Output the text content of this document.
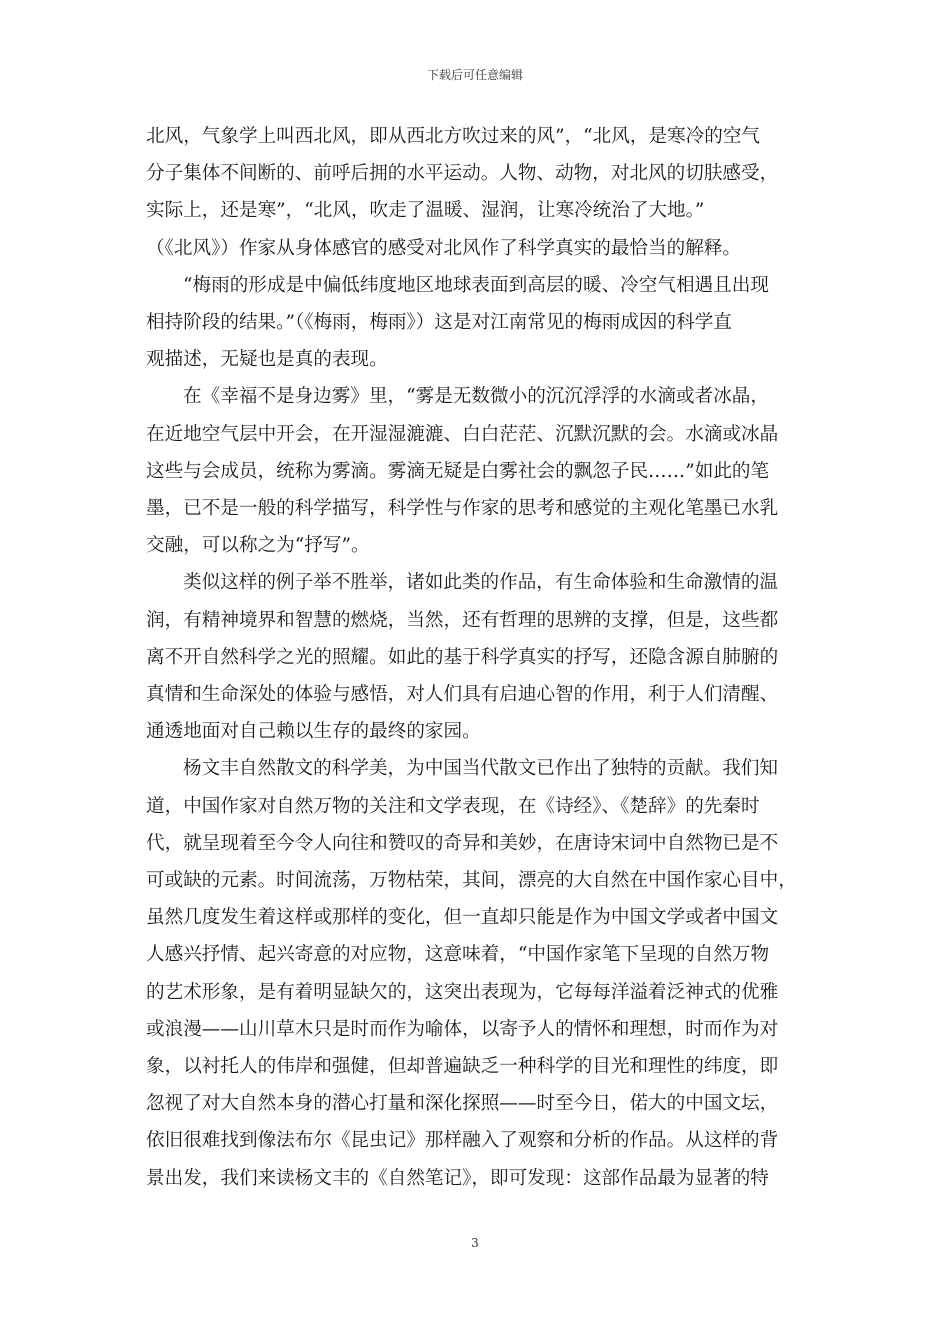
下载后可任意编辑
北风，气象学上叫西北风，即从西北方吹过来的风”，“北风，是寒冷的空气
分子集体不间断的、前呼后拥的水平运动。人物、动物，对北风的切肤感受，
实际上，还是寒”，“北风，吹走了温暖、湿润，让寒冷统治了大地。”
（《北风》）作家从身体感官的感受对北风作了科学真实的最恰当的解释。
“梅雨的形成是中偏低纬度地区地球表面到高层的暖、冷空气相遇且出现
相持阶段的结果。”（《梅雨，梅雨》）这是对江南常见的梅雨成因的科学直
观描述，无疑也是真的表现。
在《幸福不是身边雾》里，“雾是无数微小的沉沉浮浮的水滴或者冰晶，
在近地空气层中开会，在开湿湿漉漉、白白茫茫、沉默沉默的会。水滴或冰晶
这些与会成员，统称为雾滴。雾滴无疑是白雾社会的飘忽子民……”如此的笔
墨，已不是一般的科学描写，科学性与作家的思考和感觉的主观化笔墨已水乳
交融，可以称之为“抒写”。
类似这样的例子举不胜举，诸如此类的作品，有生命体验和生命激情的温
润，有精神境界和智慧的燃烧，当然，还有哲理的思辨的支撑，但是，这些都
离不开自然科学之光的照耀。如此的基于科学真实的抒写，还隐含源自肺腑的
真情和生命深处的体验与感悟，对人们具有启迪心智的作用，利于人们清醒、
通透地面对自己赖以生存的最终的家园。
杨文丰自然散文的科学美，为中国当代散文已作出了独特的贡献。我们知
道，中国作家对自然万物的关注和文学表现，在《诗经》、《楚辞》的先秦时
代，就呈现着至今令人向往和赞叹的奇异和美妙，在唐诗宋词中自然物已是不
可或缺的元素。时间流荡，万物枯荣，其间，漂亮的大自然在中国作家心目中，
虽然几度发生着这样或那样的变化，但一直却只能是作为中国文学或者中国文
人感兴抒情、起兴寄意的对应物，这意味着，“中国作家笔下呈现的自然万物
的艺术形象，是有着明显缺欠的，这突出表现为，它每每洋溢着泛神式的优雅
或浪漫——山川草木只是时而作为喻体，以寄予人的情怀和理想，时而作为对
象，以衬托人的伟岸和强健，但却普遍缺乏一种科学的目光和理性的纬度，即
忽视了对大自然本身的潜心打量和深化探照——时至今日，偌大的中国文坛，
依旧很难找到像法布尔《昆虫记》那样融入了观察和分析的作品。从这样的背
景出发，我们来读杨文丰的《自然笔记》，即可发现：这部作品最为显著的特
3
